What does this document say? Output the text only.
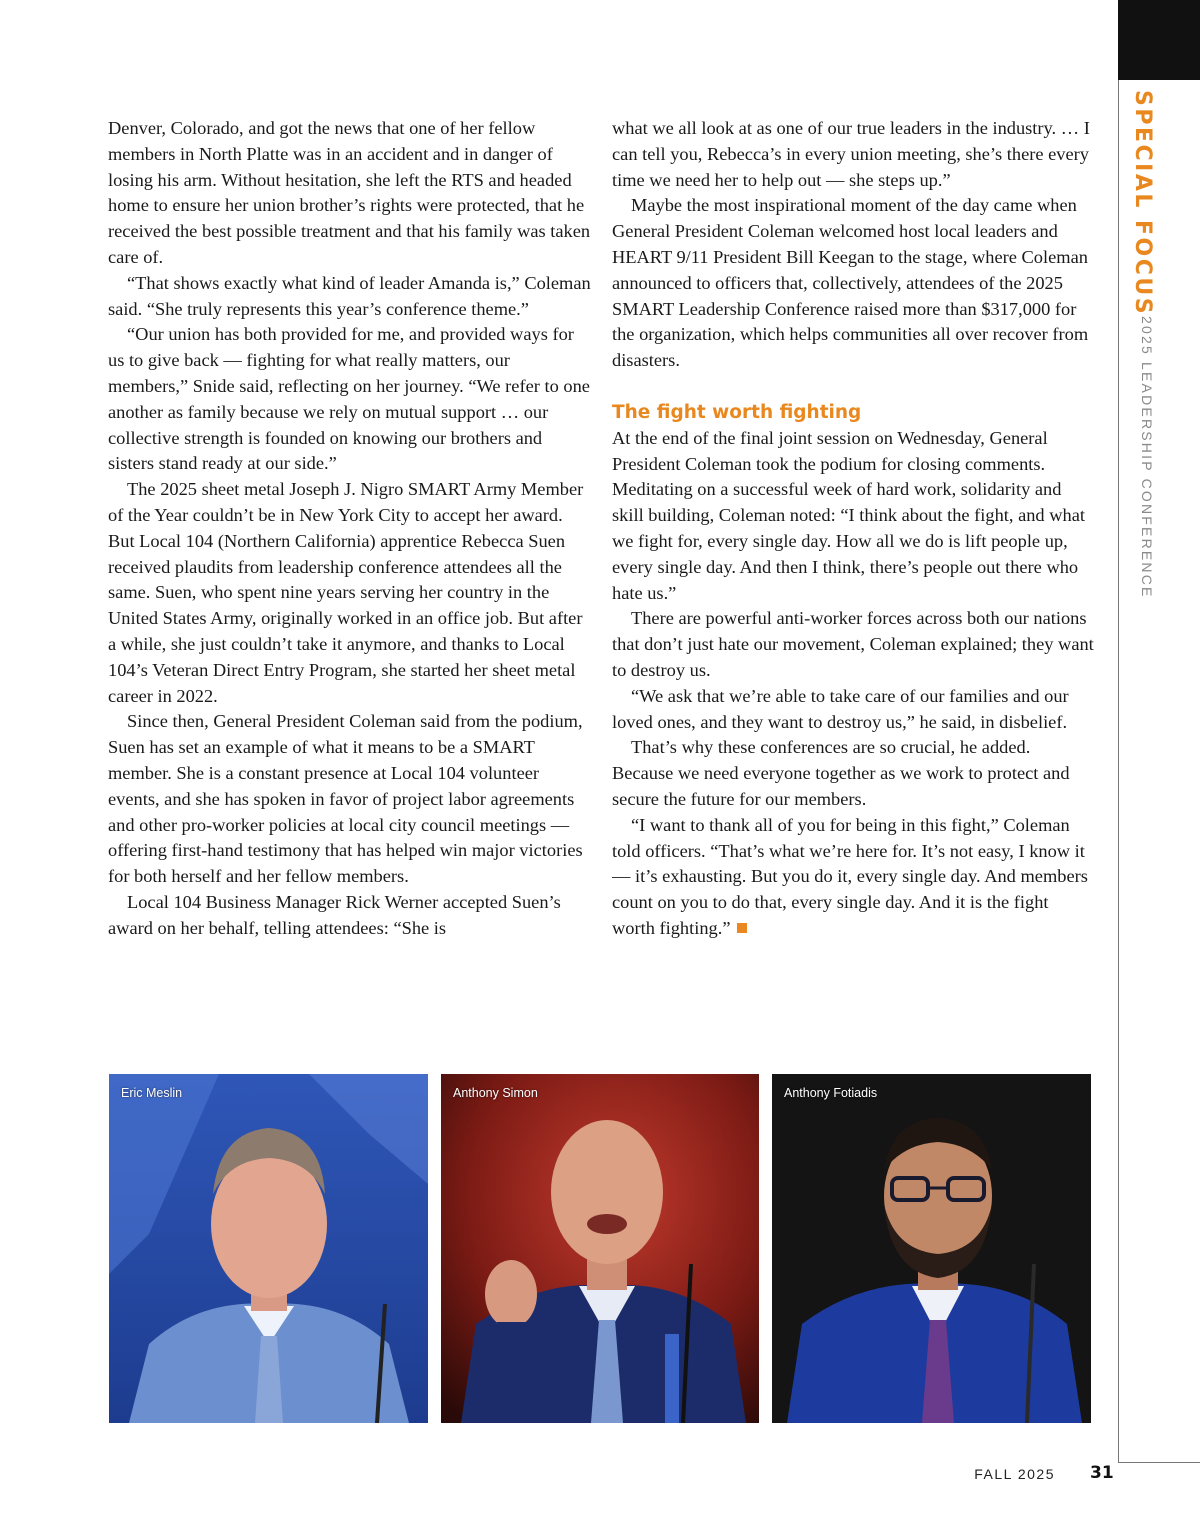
SPECIAL FOCUS
2025 LEADERSHIP CONFERENCE

Denver, Colorado, and got the news that one of her fellow members in North Platte was in an accident and in danger of losing his arm. Without hesitation, she left the RTS and headed home to ensure her union brother’s rights were protected, that he received the best possible treatment and that his family was taken care of.

“That shows exactly what kind of leader Amanda is,” Coleman said. “She truly represents this year’s conference theme.”

“Our union has both provided for me, and provided ways for us to give back — fighting for what really matters, our members,” Snide said, reflecting on her journey. “We refer to one another as family because we rely on mutual support … our collective strength is founded on knowing our brothers and sisters stand ready at our side.”

The 2025 sheet metal Joseph J. Nigro SMART Army Member of the Year couldn’t be in New York City to accept her award. But Local 104 (Northern California) apprentice Rebecca Suen received plaudits from leadership conference attendees all the same. Suen, who spent nine years serving her country in the United States Army, originally worked in an office job. But after a while, she just couldn’t take it anymore, and thanks to Local 104’s Veteran Direct Entry Program, she started her sheet metal career in 2022.

Since then, General President Coleman said from the podium, Suen has set an example of what it means to be a SMART member. She is a constant presence at Local 104 volunteer events, and she has spoken in favor of project labor agreements and other pro-worker policies at local city council meetings — offering first-hand testimony that has helped win major victories for both herself and her fellow members.

Local 104 Business Manager Rick Werner accepted Suen’s award on her behalf, telling attendees: “She is

what we all look at as one of our true leaders in the industry. … I can tell you, Rebecca’s in every union meeting, she’s there every time we need her to help out — she steps up.”

Maybe the most inspirational moment of the day came when General President Coleman welcomed host local leaders and HEART 9/11 President Bill Keegan to the stage, where Coleman announced to officers that, collectively, attendees of the 2025 SMART Leadership Conference raised more than $317,000 for the organization, which helps communities all over recover from disasters.

The fight worth fighting

At the end of the final joint session on Wednesday, General President Coleman took the podium for closing comments. Meditating on a successful week of hard work, solidarity and skill building, Coleman noted: “I think about the fight, and what we fight for, every single day. How all we do is lift people up, every single day. And then I think, there’s people out there who hate us.”

There are powerful anti-worker forces across both our nations that don’t just hate our movement, Coleman explained; they want to destroy us.

“We ask that we’re able to take care of our families and our loved ones, and they want to destroy us,” he said, in disbelief.

That’s why these conferences are so crucial, he added. Because we need everyone together as we work to protect and secure the future for our members.

“I want to thank all of you for being in this fight,” Coleman told officers. “That’s what we’re here for. It’s not easy, I know it — it’s exhausting. But you do it, every single day. And members count on you to do that, every single day. And it is the fight worth fighting.”

Eric Meslin	Anthony Simon	Anthony Fotiadis
FALL 2025 31
